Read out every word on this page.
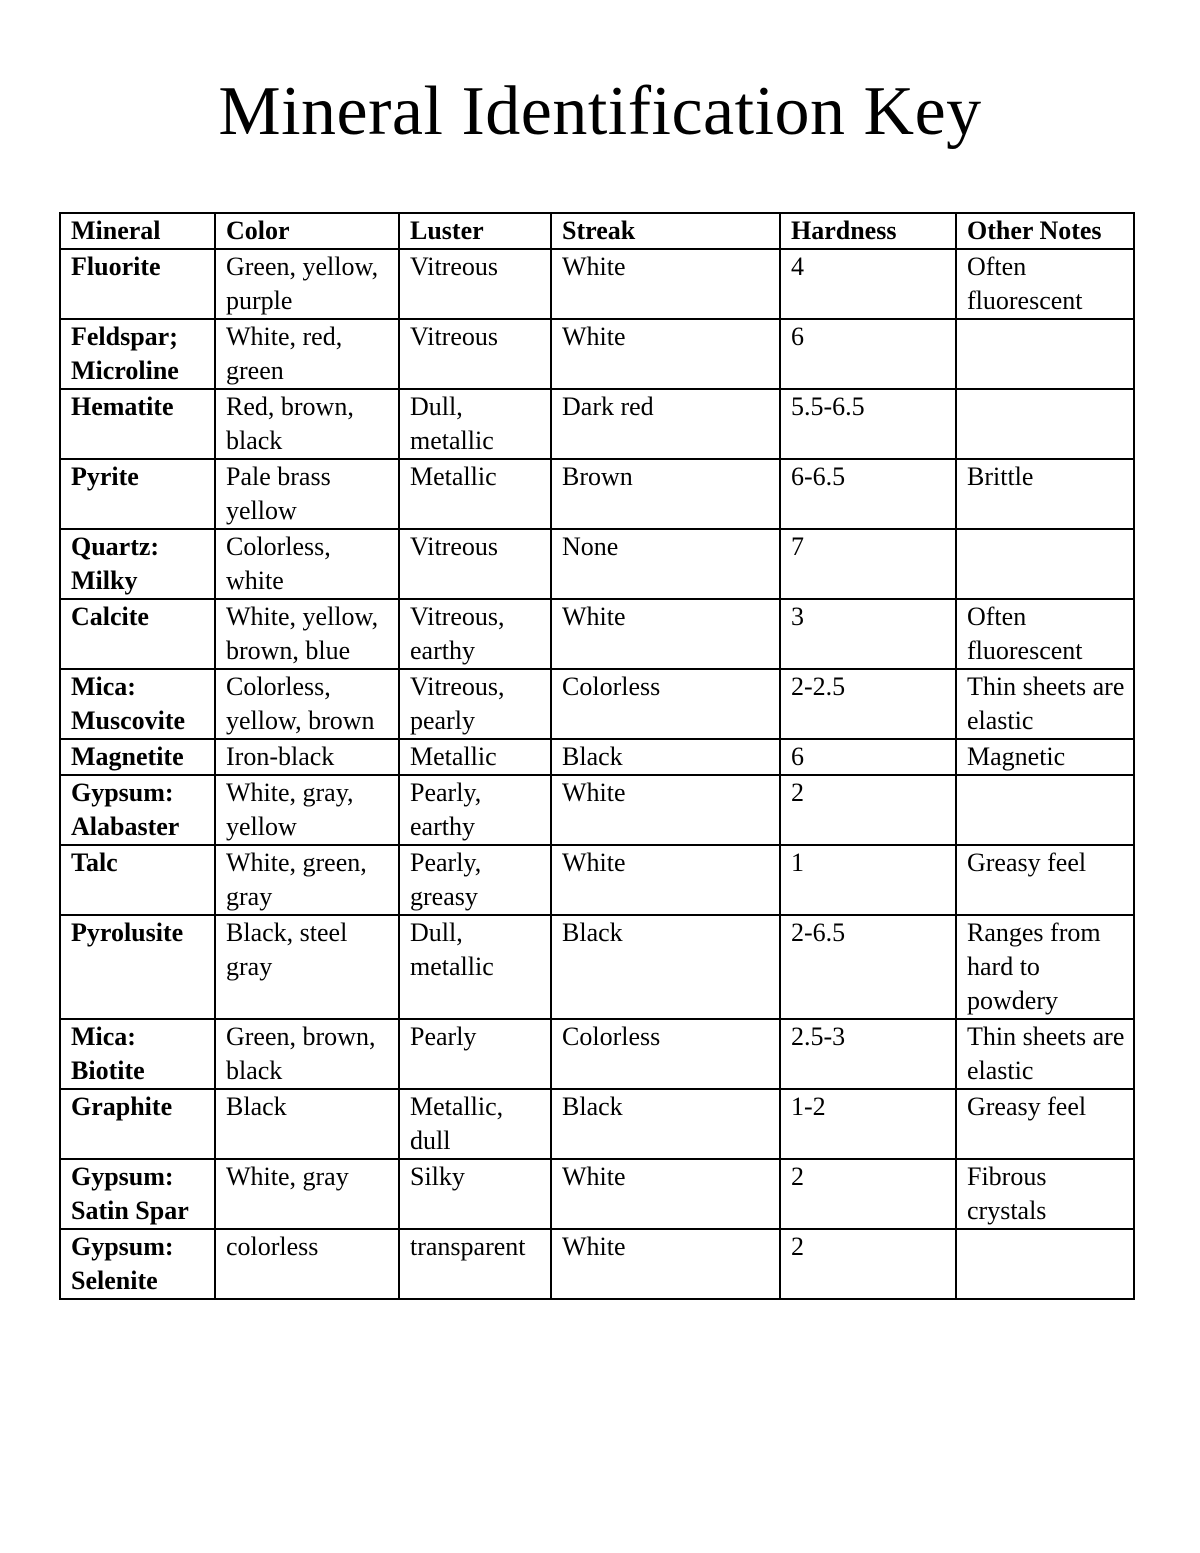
Mineral Identification Key
Mineral	Color	Luster	Streak	Hardness	Other Notes
Fluorite	Green, yellow, purple	Vitreous	White	4	Often fluorescent
Feldspar; Microline	White, red, green	Vitreous	White	6	
Hematite	Red, brown, black	Dull, metallic	Dark red	5.5-6.5	
Pyrite	Pale brass yellow	Metallic	Brown	6-6.5	Brittle
Quartz: Milky	Colorless, white	Vitreous	None	7	
Calcite	White, yellow, brown, blue	Vitreous, earthy	White	3	Often fluorescent
Mica: Muscovite	Colorless, yellow, brown	Vitreous, pearly	Colorless	2-2.5	Thin sheets are elastic
Magnetite	Iron-black	Metallic	Black	6	Magnetic
Gypsum: Alabaster	White, gray, yellow	Pearly, earthy	White	2	
Talc	White, green, gray	Pearly, greasy	White	1	Greasy feel
Pyrolusite	Black, steel gray	Dull, metallic	Black	2-6.5	Ranges from hard to powdery
Mica: Biotite	Green, brown, black	Pearly	Colorless	2.5-3	Thin sheets are elastic
Graphite	Black	Metallic, dull	Black	1-2	Greasy feel
Gypsum: Satin Spar	White, gray	Silky	White	2	Fibrous crystals
Gypsum: Selenite	colorless	transparent	White	2	
